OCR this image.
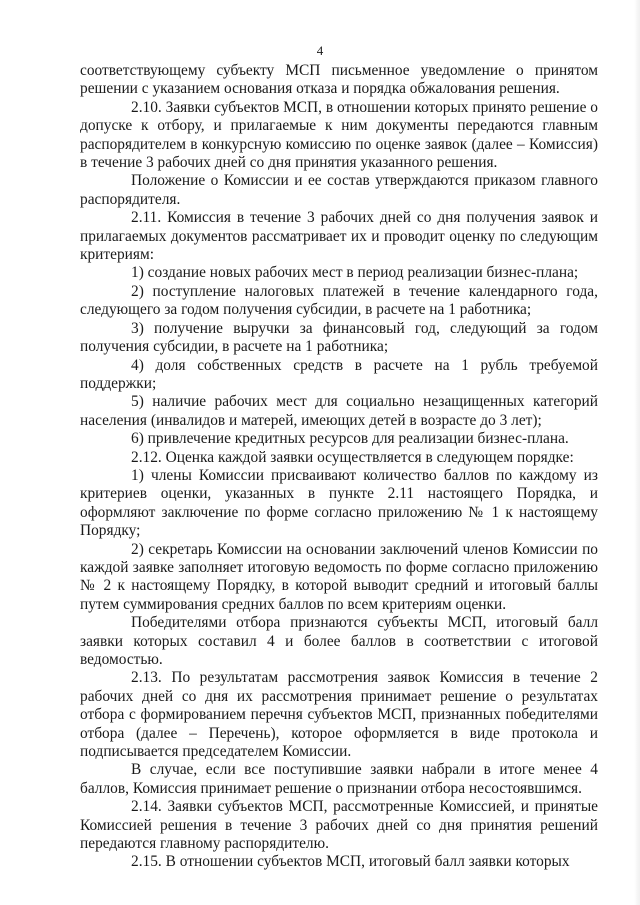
4

соответствующему субъекту МСП письменное уведомление о принятом решении с указанием основания отказа и порядка обжалования решения.

2.10. Заявки субъектов МСП, в отношении которых принято решение о допуске к отбору, и прилагаемые к ним документы передаются главным распорядителем в конкурсную комиссию по оценке заявок (далее – Комиссия) в течение 3 рабочих дней со дня принятия указанного решения.

Положение о Комиссии и ее состав утверждаются приказом главного распорядителя.

2.11. Комиссия в течение 3 рабочих дней со дня получения заявок и прилагаемых документов рассматривает их и проводит оценку по следующим критериям:

1) создание новых рабочих мест в период реализации бизнес-плана;

2) поступление налоговых платежей в течение календарного года, следующего за годом получения субсидии, в расчете на 1 работника;

3) получение выручки за финансовый год, следующий за годом получения субсидии, в расчете на 1 работника;

4) доля собственных средств в расчете на 1 рубль требуемой поддержки;

5) наличие рабочих мест для социально незащищенных категорий населения (инвалидов и матерей, имеющих детей в возрасте до 3 лет);

6) привлечение кредитных ресурсов для реализации бизнес-плана.

2.12. Оценка каждой заявки осуществляется в следующем порядке:

1) члены Комиссии присваивают количество баллов по каждому из критериев оценки, указанных в пункте 2.11 настоящего Порядка, и оформляют заключение по форме согласно приложению № 1 к настоящему Порядку;

2) секретарь Комиссии на основании заключений членов Комиссии по каждой заявке заполняет итоговую ведомость по форме согласно приложению № 2 к настоящему Порядку, в которой выводит средний и итоговый баллы путем суммирования средних баллов по всем критериям оценки.

Победителями отбора признаются субъекты МСП, итоговый балл заявки которых составил 4 и более баллов в соответствии с итоговой ведомостью.

2.13. По результатам рассмотрения заявок Комиссия в течение 2 рабочих дней со дня их рассмотрения принимает решение о результатах отбора с формированием перечня субъектов МСП, признанных победителями отбора (далее – Перечень), которое оформляется в виде протокола и подписывается председателем Комиссии.

В случае, если все поступившие заявки набрали в итоге менее 4 баллов, Комиссия принимает решение о признании отбора несостоявшимся.

2.14. Заявки субъектов МСП, рассмотренные Комиссией, и принятые Комиссией решения в течение 3 рабочих дней со дня принятия решений передаются главному распорядителю.

2.15. В отношении субъектов МСП, итоговый балл заявки которых
